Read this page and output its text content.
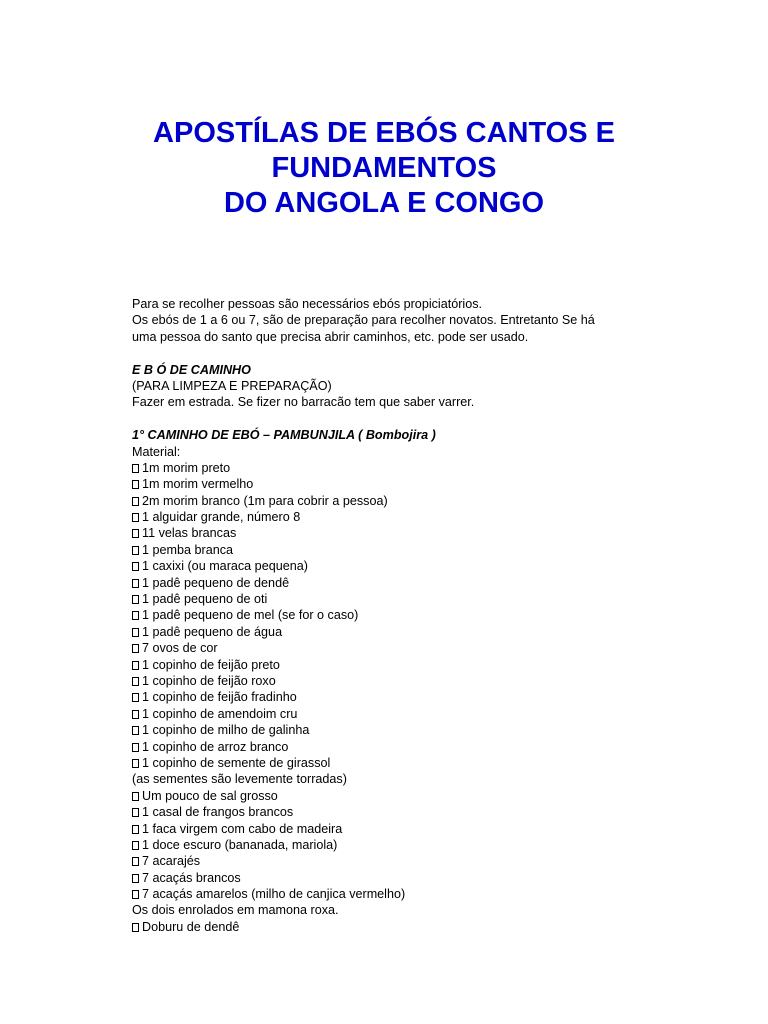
APOSTÍLAS DE EBÓS CANTOS E
FUNDAMENTOS
DO ANGOLA E CONGO
Para se recolher pessoas são necessários ebós propiciatórios.
Os ebós de 1 a 6 ou 7, são de preparação para recolher novatos. Entretanto Se há
uma pessoa do santo que precisa abrir caminhos, etc. pode ser usado.
E B Ó DE CAMINHO
(PARA LIMPEZA E PREPARAÇÃO)
Fazer em estrada. Se fizer no barracão tem que saber varrer.
1° CAMINHO DE EBÓ – PAMBUNJILA ( Bombojira )
Material:
1m morim preto
1m morim vermelho
2m morim branco (1m para cobrir a pessoa)
1 alguidar grande, número 8
11 velas brancas
1 pemba branca
1 caxixi (ou maraca pequena)
1 padê pequeno de dendê
1 padê pequeno de oti
1 padê pequeno de mel (se for o caso)
1 padê pequeno de água
7 ovos de cor
1 copinho de feijão preto
1 copinho de feijão roxo
1 copinho de feijão fradinho
1 copinho de amendoim cru
1 copinho de milho de galinha
1 copinho de arroz branco
1 copinho de semente de girassol
(as sementes são levemente torradas)
Um pouco de sal grosso
1 casal de frangos brancos
1 faca virgem com cabo de madeira
1 doce escuro (bananada, mariola)
7 acarajés
7 acaçás brancos
7 acaçás amarelos (milho de canjica vermelho)
Os dois enrolados em mamona roxa.
Doburu de dendê
